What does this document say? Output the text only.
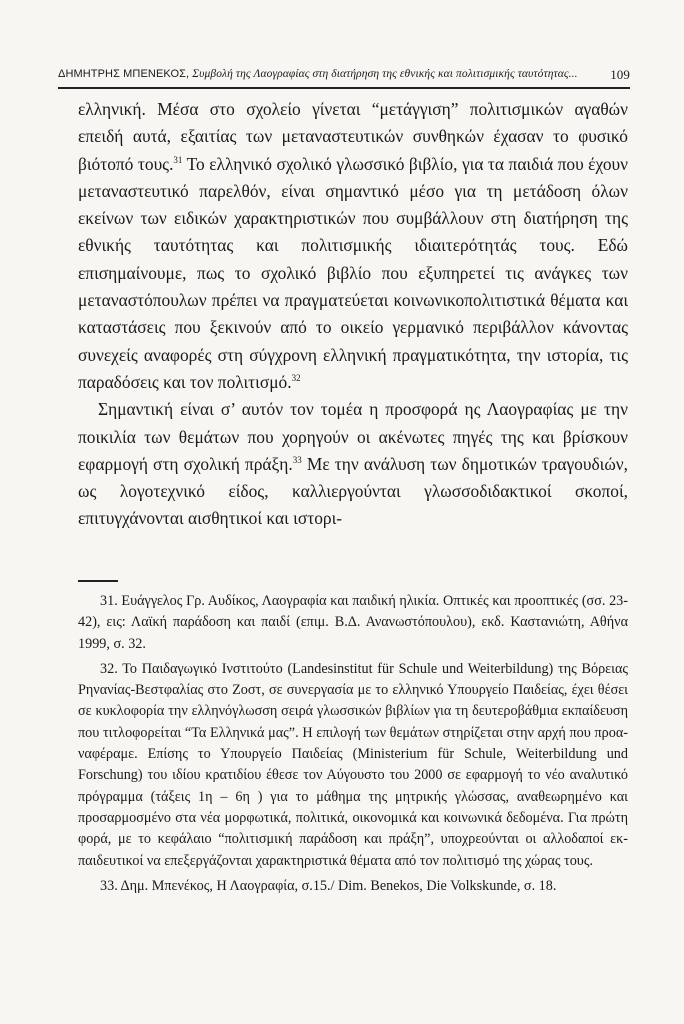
ΔΗΜΗΤΡΗΣ ΜΠΕΝΕΚΟΣ, Συμβολή της Λαογραφίας στη διατήρηση της εθνικής και πολιτισμικής ταυτότητας...	109

ελληνική. Μέσα στο σχολείο γίνεται “μετάγγιση” πολιτισμικών αγαθών επειδή αυτά, εξαιτίας των μεταναστευτικών συνθηκών έχασαν το φυσικό βιότοπό τους.$^{31}$ Το ελληνικό σχολικό γλωσσικό βιβλίο, για τα παιδιά που έχουν μεταναστευτικό παρελθόν, είναι σημαντικό μέσο για τη μετάδοση όλων εκείνων των ειδικών χαρακτηριστικών που συμβάλλουν στη διατήρηση της εθνικής ταυτότητας και πολιτισμικής ιδιαιτερότητάς τους. Εδώ επισημαίνουμε, πως το σχολικό βιβλίο που εξυπηρετεί τις ανάγκες των μεταναστόπουλων πρέπει να πραγματεύεται κοινωνικοπολιτιστικά θέματα και καταστάσεις που ξεκινούν από το οικείο γερμανικό περιβάλλον κάνοντας συνεχείς αναφορές στη σύγχρονη ελληνική πραγματικότητα, την ιστορία, τις παραδόσεις και τον πολιτισμό.$^{32}$

Σημαντική είναι σ’ αυτόν τον τομέα η προσφορά ης Λαογραφίας με την ποικιλία των θεμάτων που χορηγούν οι ακένωτες πηγές της και βρίσκουν εφαρμογή στη σχολική πράξη.$^{33}$ Με την ανάλυση των δημοτικών τραγουδιών, ως λογοτεχνικό είδος, καλλιεργούνται γλωσσοδιδακτικοί σκοποί, επιτυγχάνονται αισθητικοί και ιστορι-

31. Ευάγγελος Γρ. Αυδίκος, Λαογραφία και παιδική ηλικία. Οπτικές και προοπτικές (σσ. 23-42), εις: Λαϊκή παράδοση και παιδί (επιμ. Β.Δ. Ανανωστόπουλου), εκδ. Καστανιώτη, Αθήνα 1999, σ. 32.

32. Το Παιδαγωγικό Ινστιτούτο (Landesinstitut für Schule und Weiterbildung) της Βόρειας Ρηνανίας-Βεστφαλίας στο Ζοστ, σε συνεργασία με το ελληνικό Υπουργείο Παιδείας, έχει θέσει σε κυκλοφορία την ελληνόγλωσση σειρά γλωσσικών βιβλίων για τη δευτεροβάθμια εκπαίδευση που τιτλοφορείται “Τα Ελληνικά μας”. Η επιλογή των θεμάτων στηρίζεται στην αρχή που προαναφέραμε. Επίσης το Υπουργείο Παιδείας (Ministerium für Schule, Weiterbildung und Forschung) του ιδίου κρατιδίου έθεσε τον Αύγουστο του 2000 σε εφαρμογή το νέο αναλυτικό πρόγραμμα (τάξεις 1η – 6η ) για το μάθημα της μητρικής γλώσσας, αναθεωρημένο και προσαρμοσμένο στα νέα μορφωτικά, πολιτικά, οικονομικά και κοινωνικά δεδομένα. Για πρώτη φορά, με το κεφάλαιο “πολιτισμική παράδοση και πράξη”, υποχρεούνται οι αλλοδαποί εκπαιδευτικοί να επεξεργάζονται χαρακτηριστικά θέματα από τον πολιτισμό της χώρας τους.

33. Δημ. Μπενέκος, Η Λαογραφία, σ.15./ Dim. Benekos, Die Volkskunde, σ. 18.
